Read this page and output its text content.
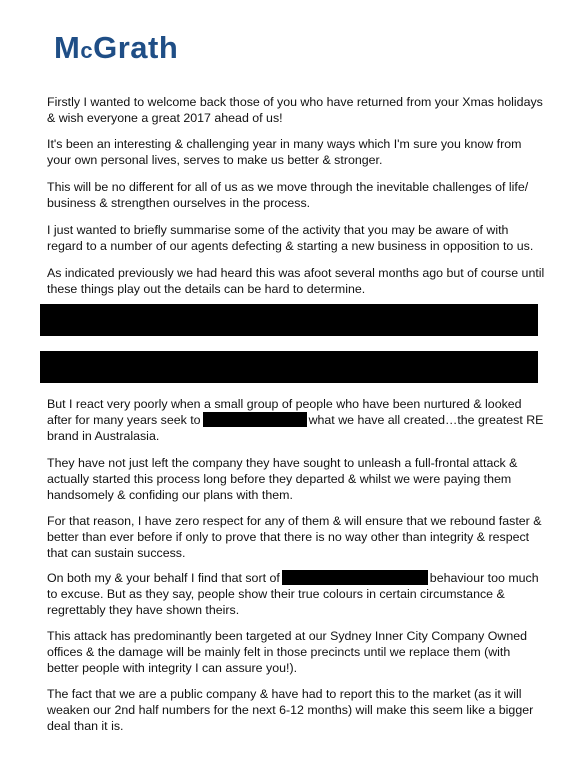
McGrath

Firstly I wanted to welcome back those of you who have returned from your Xmas holidays
& wish everyone a great 2017 ahead of us!

It's been an interesting & challenging year in many ways which I'm sure you know from
your own personal lives, serves to make us better & stronger.

This will be no different for all of us as we move through the inevitable challenges of life/
business & strengthen ourselves in the process.

I just wanted to briefly summarise some of the activity that you may be aware of with
regard to a number of our agents defecting & starting a new business in opposition to us.

As indicated previously we had heard this was afoot several months ago but of course until
these things play out the details can be hard to determine.

But I react very poorly when a small group of people who have been nurtured & looked
after for many years seek to	what we have all created…the greatest RE
brand in Australasia.

They have not just left the company they have sought to unleash a full-frontal attack &
actually started this process long before they departed & whilst we were paying them
handsomely & confiding our plans with them.

For that reason, I have zero respect for any of them & will ensure that we rebound faster &
better than ever before if only to prove that there is no way other than integrity & respect
that can sustain success.

On both my & your behalf I find that sort of	behaviour too much
to excuse. But as they say, people show their true colours in certain circumstance &
regrettably they have shown theirs.

This attack has predominantly been targeted at our Sydney Inner City Company Owned
offices & the damage will be mainly felt in those precincts until we replace them (with
better people with integrity I can assure you!).

The fact that we are a public company & have had to report this to the market (as it will
weaken our 2nd half numbers for the next 6-12 months) will make this seem like a bigger
deal than it is.
